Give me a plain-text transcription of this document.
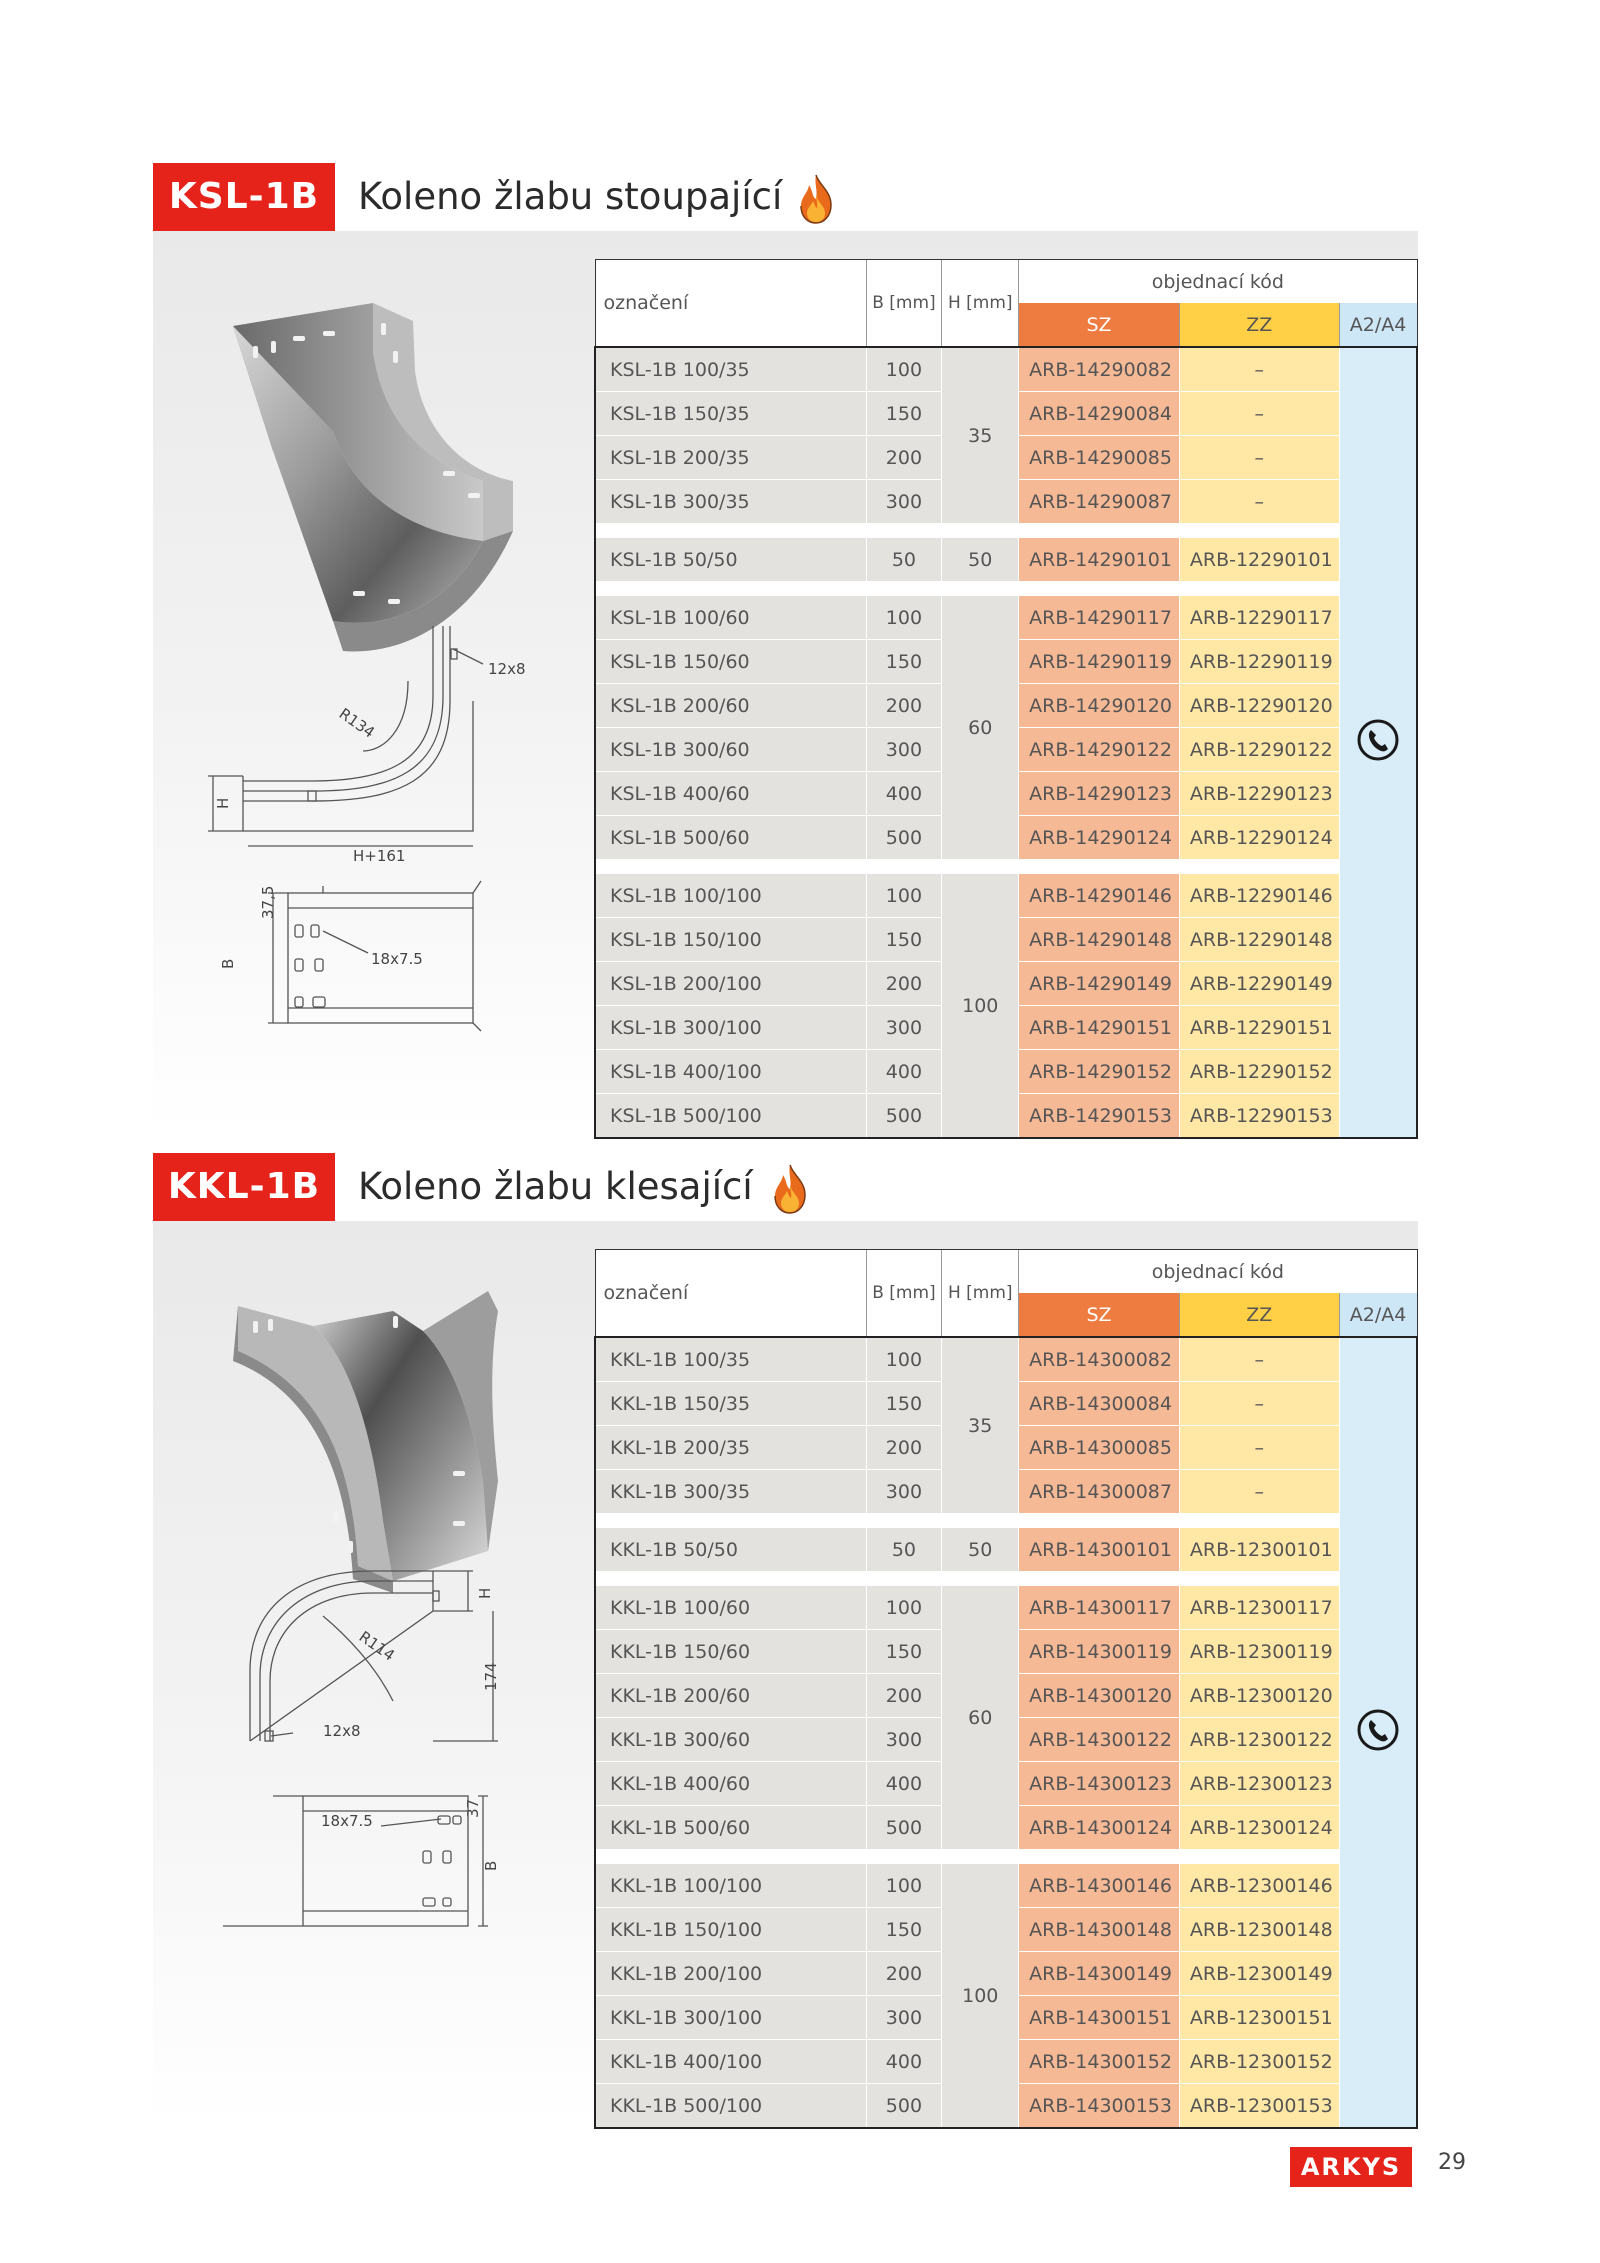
KSL-1B	Koleno žlabu stoupající
R134
12x8
H
H+161
37,5
18x7.5
B
označení	B [mm]	H [mm]	objednací kód		
			SZ	ZZ	A2/A4
KSL-1B 100/35	100	35	ARB-14290082	–	
KSL-1B 150/35	150		ARB-14290084	–	
KSL-1B 200/35	200		ARB-14290085	–	
KSL-1B 300/35	300		ARB-14290087	–	

KSL-1B 50/50	50	50	ARB-14290101	ARB-12290101	

KSL-1B 100/60	100	60	ARB-14290117	ARB-12290117	
KSL-1B 150/60	150		ARB-14290119	ARB-12290119	
KSL-1B 200/60	200		ARB-14290120	ARB-12290120	
KSL-1B 300/60	300		ARB-14290122	ARB-12290122	
KSL-1B 400/60	400		ARB-14290123	ARB-12290123	
KSL-1B 500/60	500		ARB-14290124	ARB-12290124	

KSL-1B 100/100	100	100	ARB-14290146	ARB-12290146	
KSL-1B 150/100	150		ARB-14290148	ARB-12290148	
KSL-1B 200/100	200		ARB-14290149	ARB-12290149	
KSL-1B 300/100	300		ARB-14290151	ARB-12290151	
KSL-1B 400/100	400		ARB-14290152	ARB-12290152	
KSL-1B 500/100	500		ARB-14290153	ARB-12290153	
KKL-1B	Koleno žlabu klesající
R114
12x8
H
174
37
18x7.5
B
označení	B [mm]	H [mm]	objednací kód		
			SZ	ZZ	A2/A4
KKL-1B 100/35	100	35	ARB-14300082	–	
KKL-1B 150/35	150		ARB-14300084	–	
KKL-1B 200/35	200		ARB-14300085	–	
KKL-1B 300/35	300		ARB-14300087	–	

KKL-1B 50/50	50	50	ARB-14300101	ARB-12300101	

KKL-1B 100/60	100	60	ARB-14300117	ARB-12300117	
KKL-1B 150/60	150		ARB-14300119	ARB-12300119	
KKL-1B 200/60	200		ARB-14300120	ARB-12300120	
KKL-1B 300/60	300		ARB-14300122	ARB-12300122	
KKL-1B 400/60	400		ARB-14300123	ARB-12300123	
KKL-1B 500/60	500		ARB-14300124	ARB-12300124	

KKL-1B 100/100	100	100	ARB-14300146	ARB-12300146	
KKL-1B 150/100	150		ARB-14300148	ARB-12300148	
KKL-1B 200/100	200		ARB-14300149	ARB-12300149	
KKL-1B 300/100	300		ARB-14300151	ARB-12300151	
KKL-1B 400/100	400		ARB-14300152	ARB-12300152	
KKL-1B 500/100	500		ARB-14300153	ARB-12300153	
ARKYS	29
